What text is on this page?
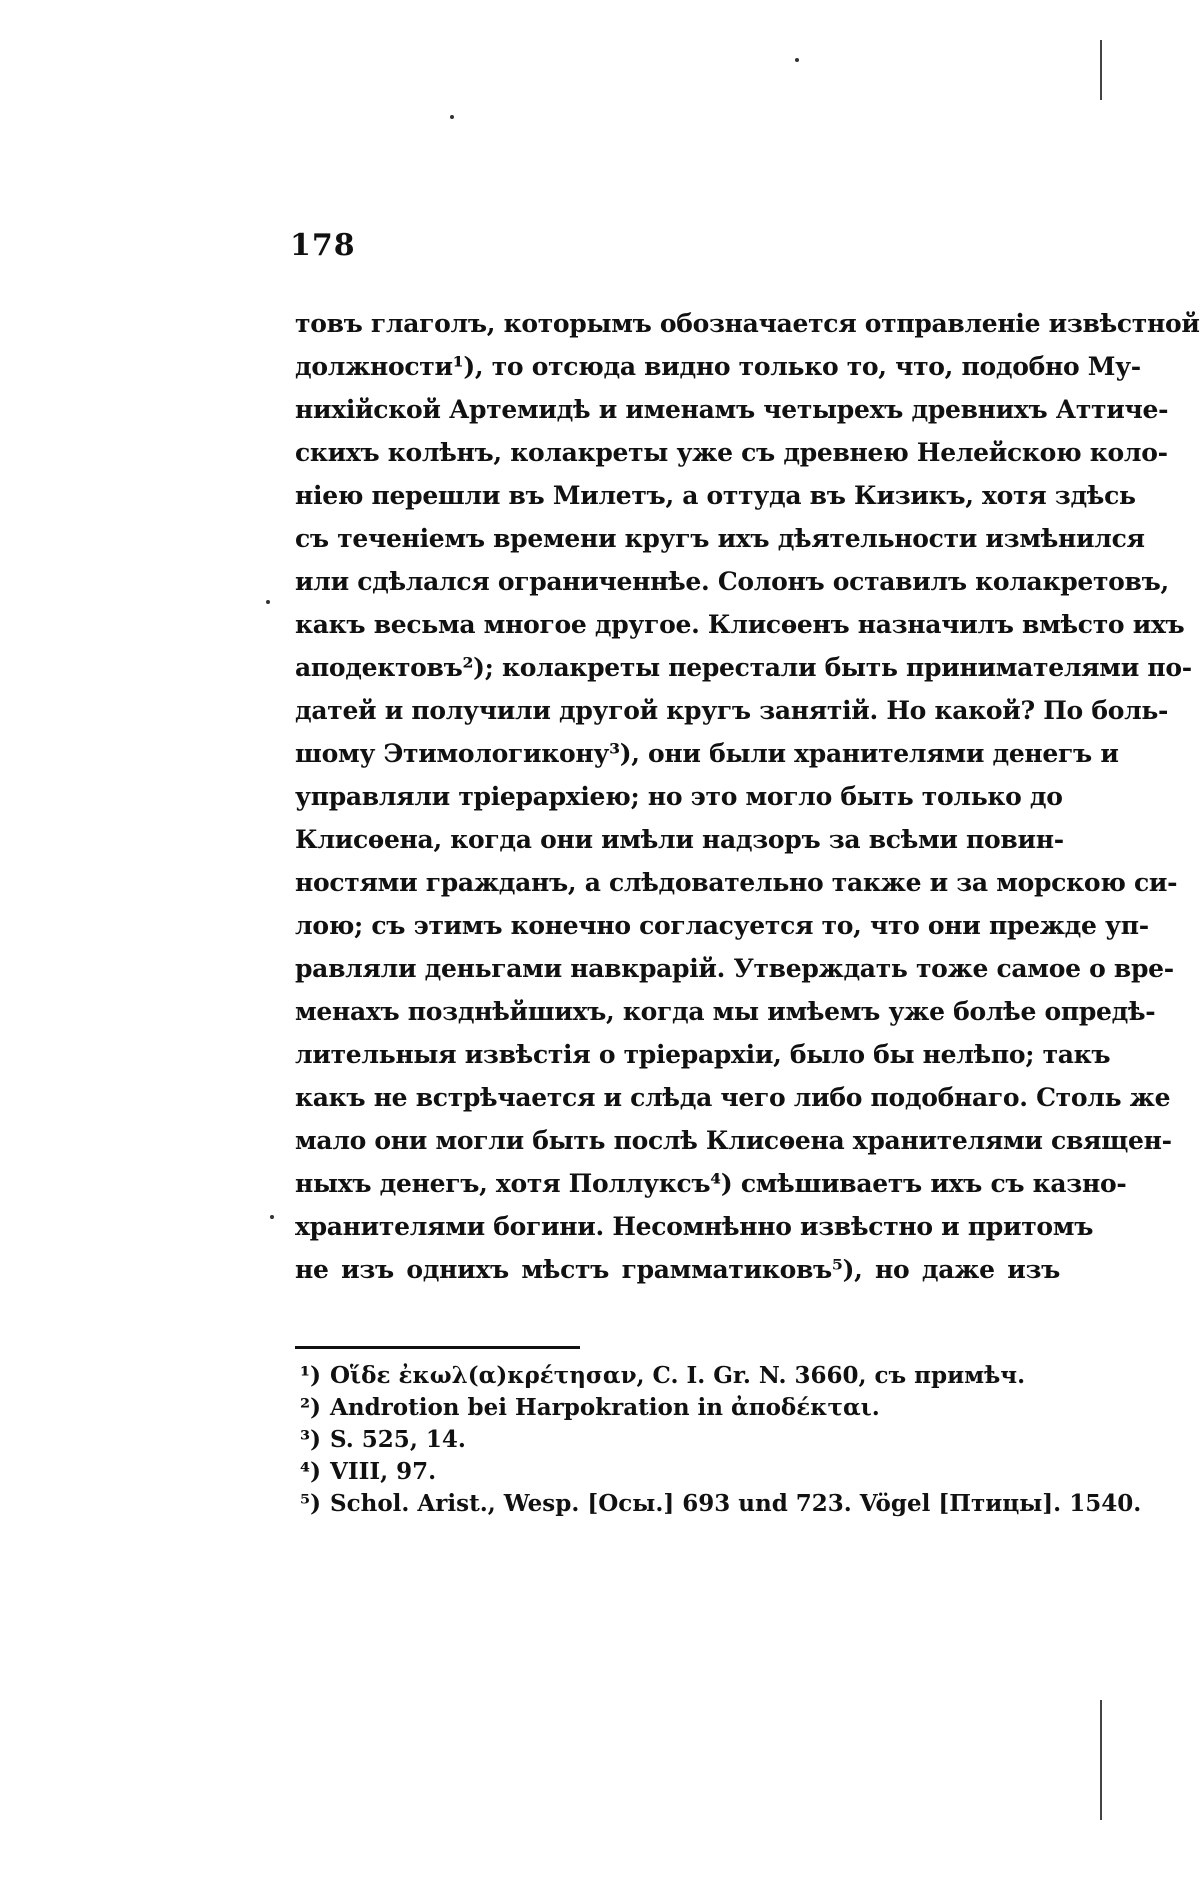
178
товъ глаголъ, которымъ обозначается отправленіе извѣстной
должности¹), то отсюда видно только то, что, подобно Му-
нихійской Артемидѣ и именамъ четырехъ древнихъ Аттиче-
скихъ колѣнъ, колакреты уже съ древнею Нелейскою коло-
ніею перешли въ Милетъ, а оттуда въ Кизикъ, хотя здѣсь
съ теченіемъ времени кругъ ихъ дѣятельности измѣнился
или сдѣлался ограниченнѣе. Солонъ оставилъ колакретовъ,
какъ весьма многое другое. Клисѳенъ назначилъ вмѣсто ихъ
аподектовъ²); колакреты перестали быть принимателями по-
датей и получили другой кругъ занятій. Но какой? По боль-
шому Этимологикону³), они были хранителями денегъ и
управляли тріерархіею; но это могло быть только до
Клисѳена, когда они имѣли надзоръ за всѣми повин-
ностями гражданъ, а слѣдовательно также и за морскою си-
лою; съ этимъ конечно согласуется то, что они прежде уп-
равляли деньгами навкрарій. Утверждать тоже самое о вре-
менахъ позднѣйшихъ, когда мы имѣемъ уже болѣе опредѣ-
лительныя извѣстія о тріерархіи, было бы нелѣпо; такъ
какъ не встрѣчается и слѣда чего либо подобнаго. Столь же
мало они могли быть послѣ Клисѳена хранителями священ-
ныхъ денегъ, хотя Поллуксъ⁴) смѣшиваетъ ихъ съ казно-
хранителями богини. Несомнѣнно извѣстно и притомъ
не изъ однихъ мѣстъ грамматиковъ⁵), но даже изъ
¹) Οἵδε ἐκωλ(α)κρέτησαν, C. I. Gr. N. 3660, съ примѣч.
²) Androtion bei Harpokration in ἀποδέκται.
³) S. 525, 14.
⁴) VIII, 97.
⁵) Schol. Arist., Wesp. [Осы.] 693 und 723. Vögel [Птицы]. 1540.
